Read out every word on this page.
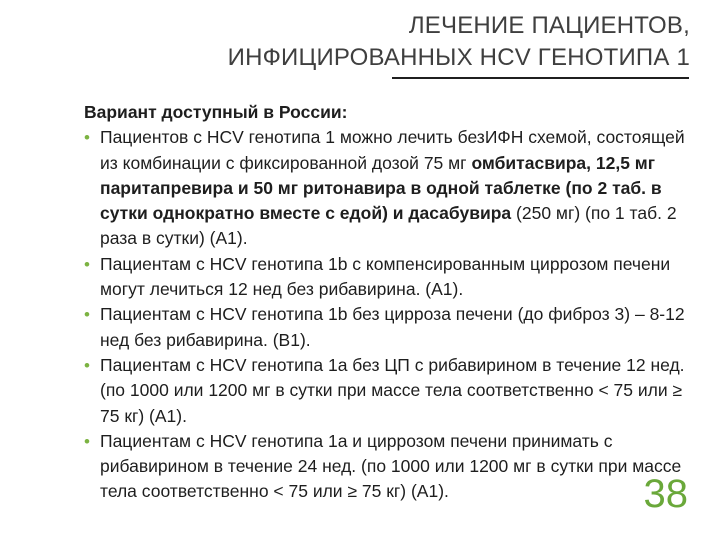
ЛЕЧЕНИЕ ПАЦИЕНТОВ,
ИНФИЦИРОВАННЫХ HCV ГЕНОТИПА 1
Вариант доступный в России:
• Пациентов с HCV генотипа 1 можно лечить безИФН схемой, состоящей из комбинации с фиксированной дозой 75 мг омбитасвира, 12,5 мг паритапревира и 50 мг ритонавира в одной таблетке (по 2 таб. в сутки однократно вместе с едой) и дасабувира (250 мг) (по 1 таб. 2 раза в сутки) (А1).
• Пациентам с HCV генотипа 1b с компенсированным циррозом печени могут лечиться 12 нед без рибавирина. (А1).
• Пациентам с HCV генотипа 1b без цирроза печени (до фиброз 3) – 8-12 нед без рибавирина. (В1).
• Пациентам с HCV генотипа 1а без ЦП с рибавирином в течение 12 нед. (по 1000 или 1200 мг в сутки при массе тела соответственно < 75 или ≥ 75 кг) (А1).
• Пациентам с HCV генотипа 1а и циррозом печени принимать с рибавирином в течение 24 нед. (по 1000 или 1200 мг в сутки при массе тела соответственно < 75 или ≥ 75 кг) (А1).	38
